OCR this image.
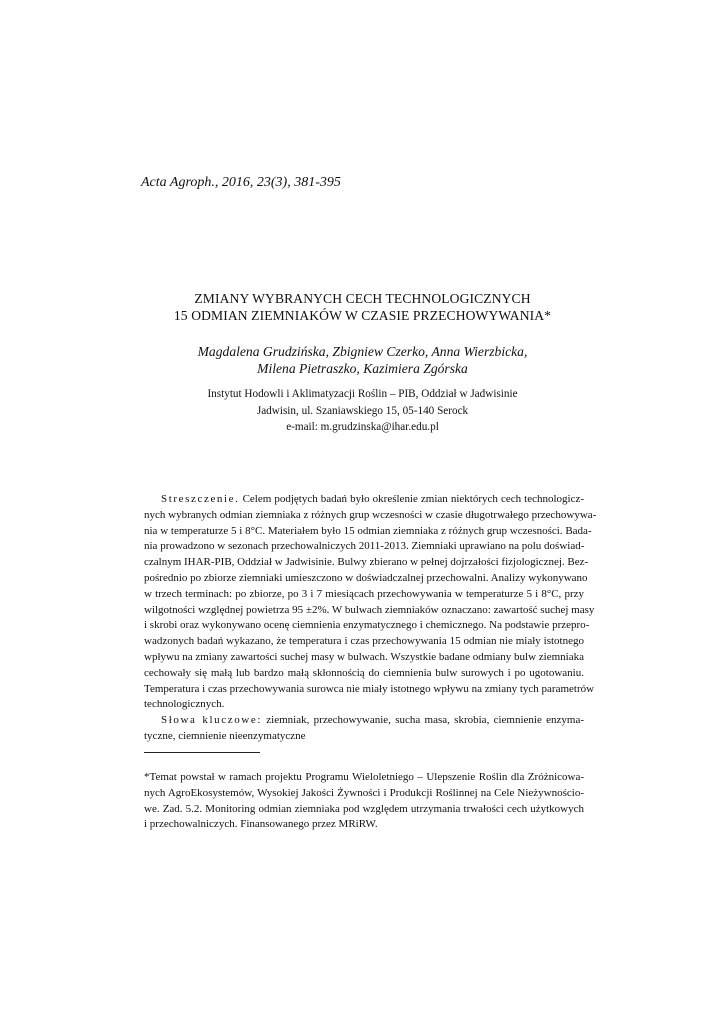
Acta Agroph., 2016, 23(3), 381-395
ZMIANY WYBRANYCH CECH TECHNOLOGICZNYCH
15 ODMIAN ZIEMNIAKÓW W CZASIE PRZECHOWYWANIA*
Magdalena Grudzińska, Zbigniew Czerko, Anna Wierzbicka,
Milena Pietraszko, Kazimiera Zgórska
Instytut Hodowli i Aklimatyzacji Roślin – PIB, Oddział w Jadwisinie
Jadwisin, ul. Szaniawskiego 15, 05-140 Serock
e-mail: m.grudzinska@ihar.edu.pl
Streszczenie. Celem podjętych badań było określenie zmian niektórych cech technologicz-
nych wybranych odmian ziemniaka z różnych grup wczesności w czasie długotrwałego przechowywa-
nia w temperaturze 5 i 8°C. Materiałem było 15 odmian ziemniaka z różnych grup wczesności. Bada-
nia prowadzono w sezonach przechowalniczych 2011-2013. Ziemniaki uprawiano na polu doświad-
czalnym IHAR-PIB, Oddział w Jadwisinie. Bulwy zbierano w pełnej dojrzałości fizjologicznej. Bez-
pośrednio po zbiorze ziemniaki umieszczono w doświadczalnej przechowalni. Analizy wykonywano
w trzech terminach: po zbiorze, po 3 i 7 miesiącach przechowywania w temperaturze 5 i 8°C, przy
wilgotności względnej powietrza 95 ±2%. W bulwach ziemniaków oznaczano: zawartość suchej masy
i skrobi oraz wykonywano ocenę ciemnienia enzymatycznego i chemicznego. Na podstawie przepro-
wadzonych badań wykazano, że temperatura i czas przechowywania 15 odmian nie miały istotnego
wpływu na zmiany zawartości suchej masy w bulwach. Wszystkie badane odmiany bulw ziemniaka
cechowały się małą lub bardzo małą skłonnością do ciemnienia bulw surowych i po ugotowaniu.
Temperatura i czas przechowywania surowca nie miały istotnego wpływu na zmiany tych parametrów
technologicznych.
Słowa kluczowe: ziemniak, przechowywanie, sucha masa, skrobia, ciemnienie enzyma-
tyczne, ciemnienie nieenzymatyczne
*Temat powstał w ramach projektu Programu Wieloletniego – Ulepszenie Roślin dla Zróżnicowa-
nych AgroEkosystemów, Wysokiej Jakości Żywności i Produkcji Roślinnej na Cele Nieżywnościo-
we. Zad. 5.2. Monitoring odmian ziemniaka pod względem utrzymania trwałości cech użytkowych
i przechowalniczych. Finansowanego przez MRiRW.
